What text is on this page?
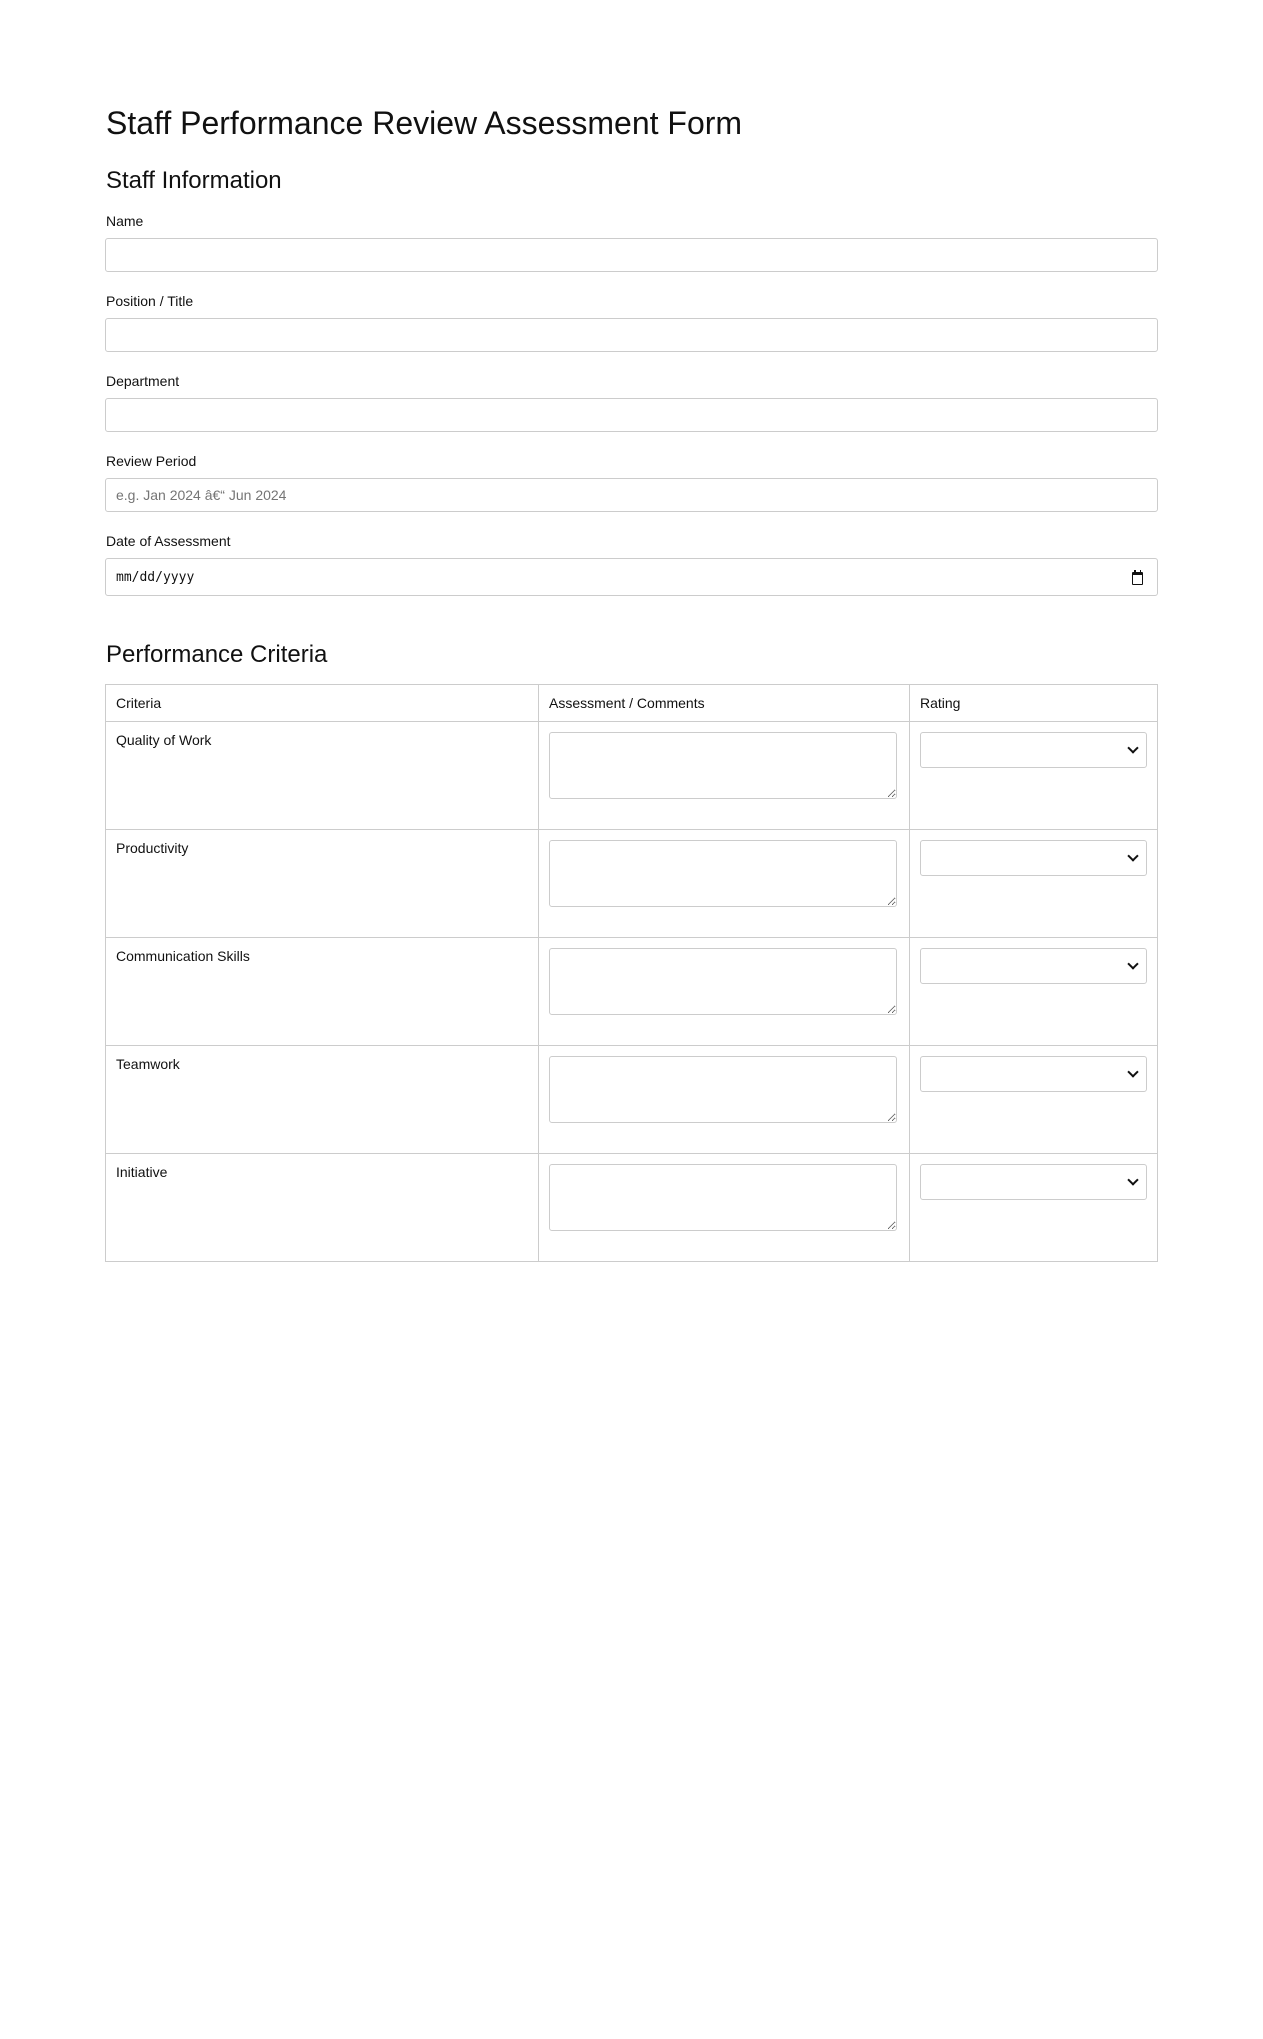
Staff Performance Review Assessment Form
Staff Information
Name
Position / Title
Department
Review Period
e.g. Jan 2024 â€“ Jun 2024
Date of Assessment
mm/dd/yyyy
Performance Criteria
Criteria	Assessment / Comments	Rating
Quality of Work	

Productivity	

Communication Skills	

Teamwork	

Initiative	
